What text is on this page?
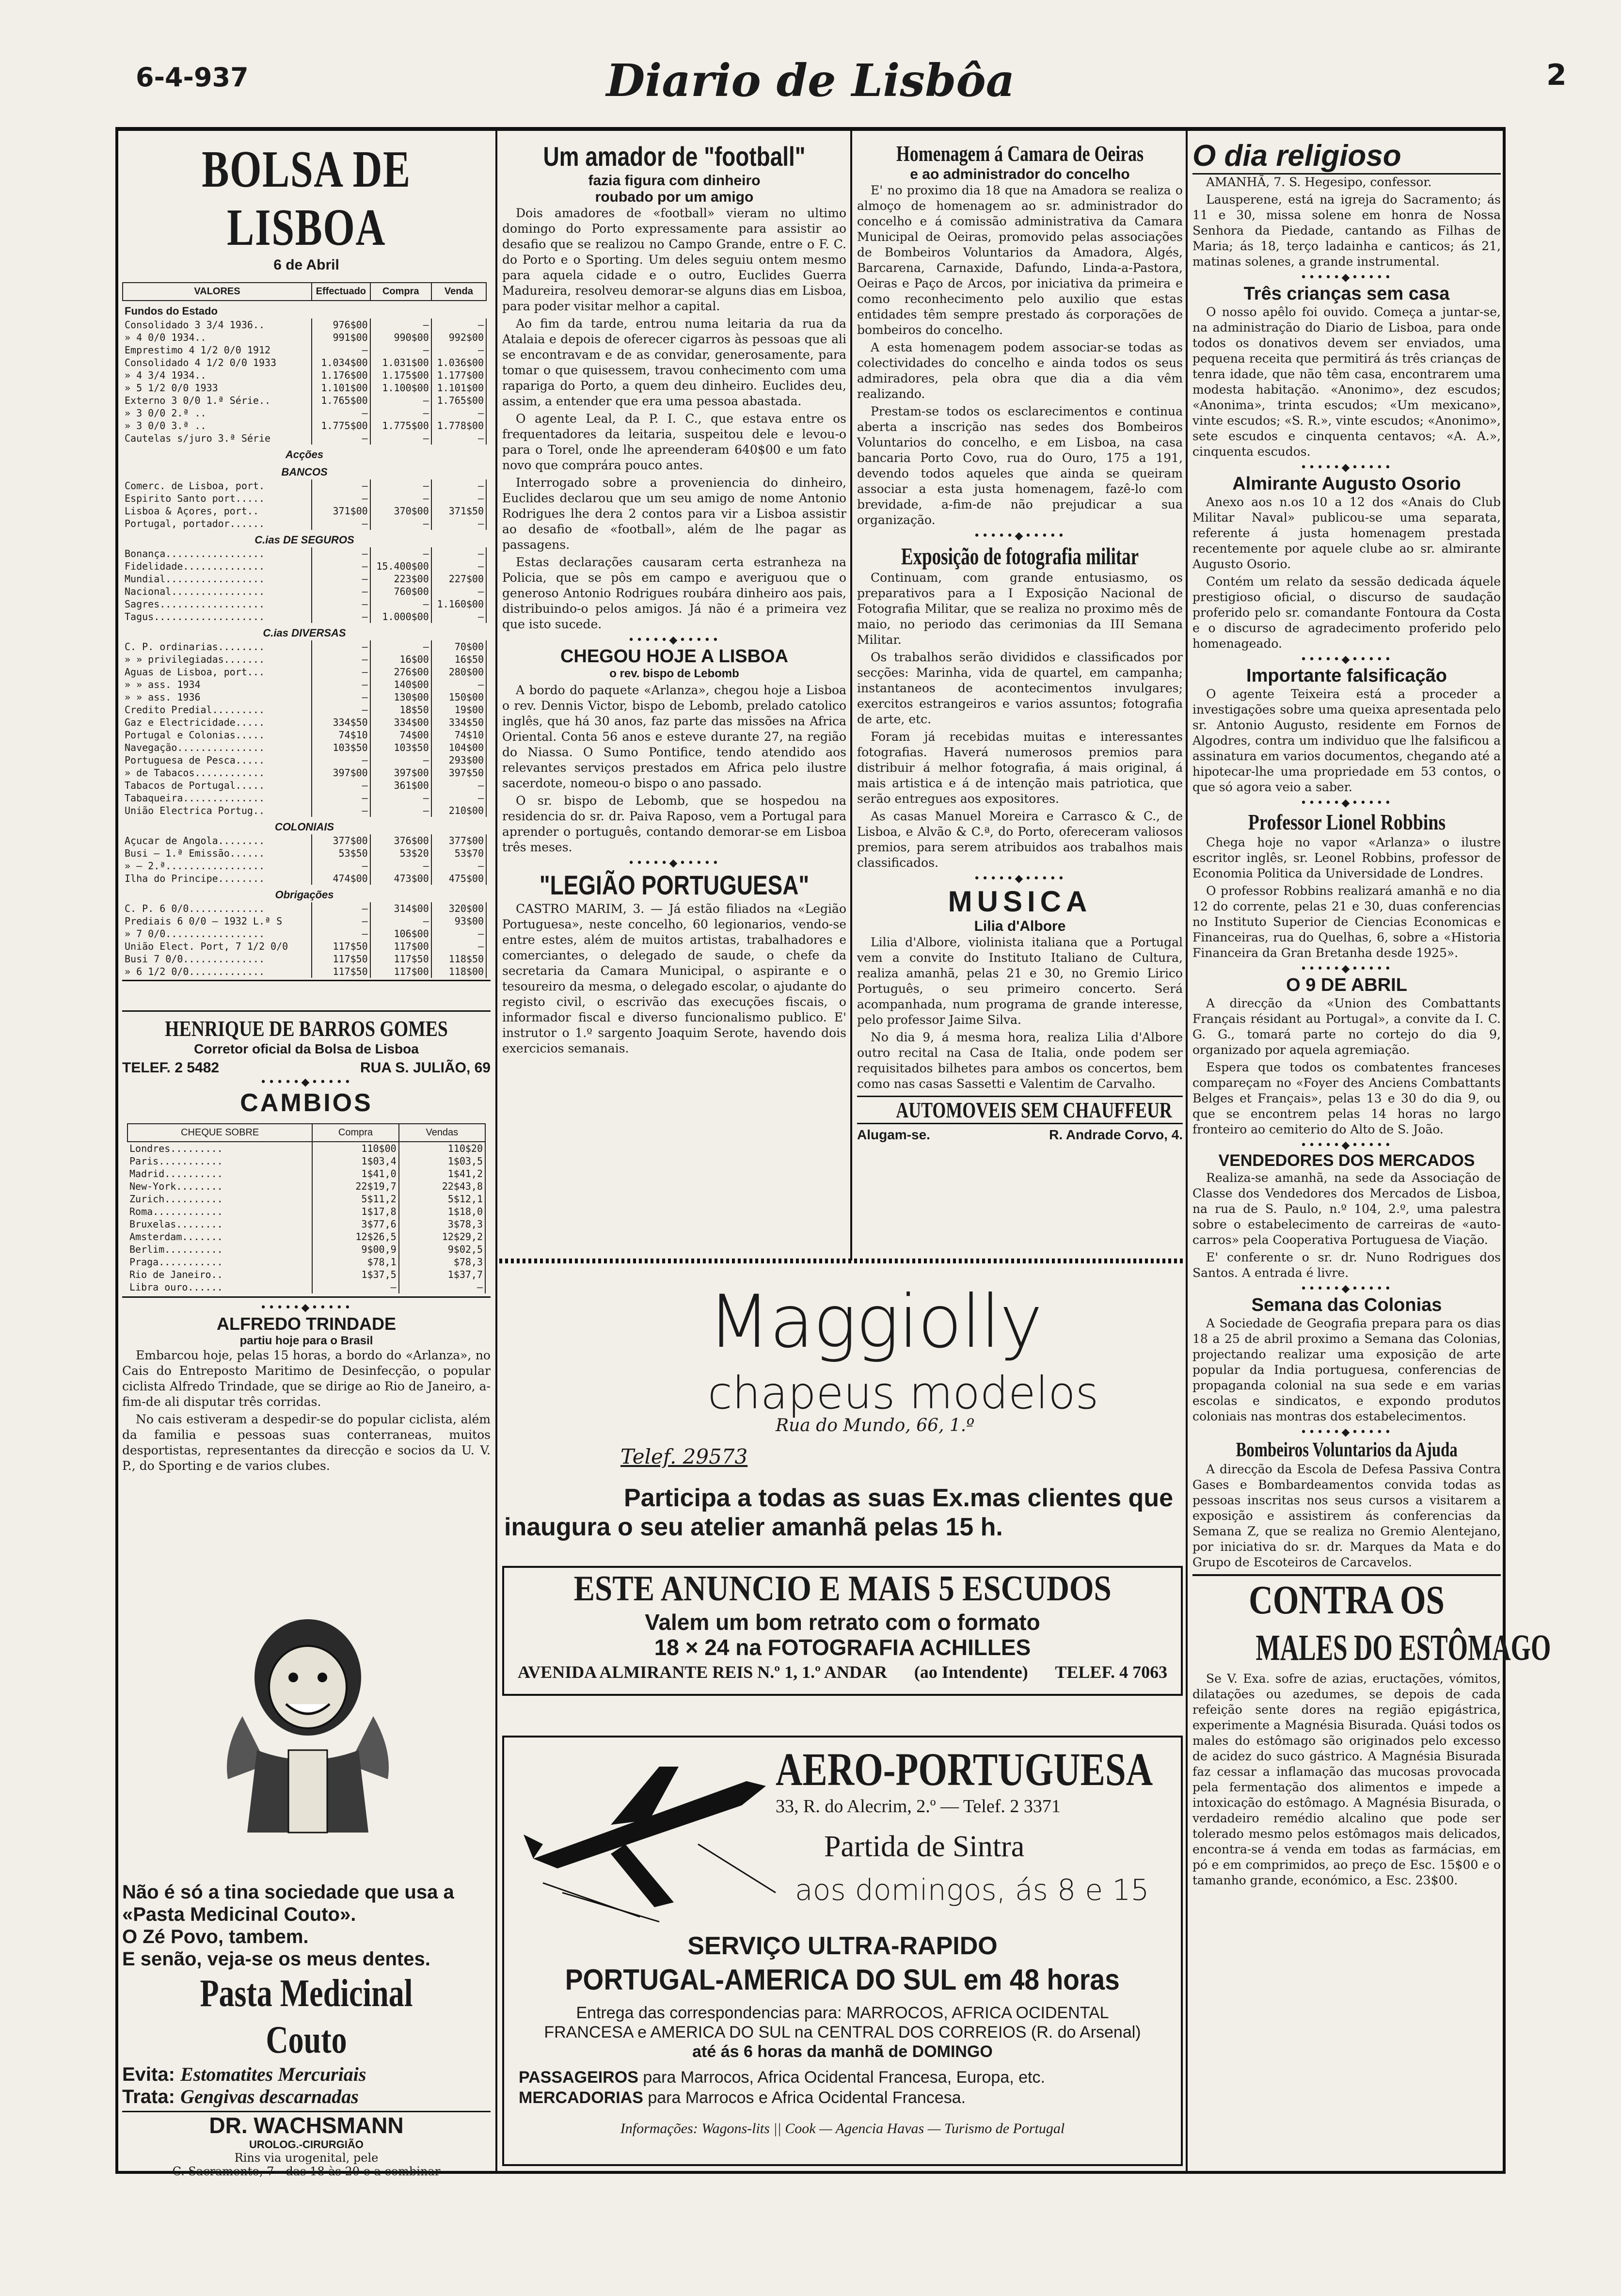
6-4-937	Diario de Lisbôa	2
BOLSA DE LISBOA
6 de Abril
VALORES	Effectuado	Compra	Venda
Fundos do Estado			
Consolidado 3 3/4 1936..	976$00	—	—
» 4 0/0 1934..	991$00	990$00	992$00
Emprestimo 4 1/2 0/0 1912	—	—	—
Consolidado 4 1/2 0/0 1933	1.034$00	1.031$00	1.036$00
» 4 3/4 1934..	1.176$00	1.175$00	1.177$00
» 5 1/2 0/0 1933	1.101$00	1.100$00	1.101$00
Externo 3 0/0 1.ª Série..	1.765$00	—	1.765$00
» 3 0/0 2.ª ..	—	—	—
» 3 0/0 3.ª ..	1.775$00	1.775$00	1.778$00
Cautelas s/juro 3.ª Série	—	—	—
Acções			
BANCOS			
Comerc. de Lisboa, port.	—	—	—
Espirito Santo port.....	—	—	—
Lisboa & Açores, port..	371$00	370$00	371$50
Portugal, portador......	—	—	—
C.ias DE SEGUROS			
Bonança.................	—	—	—
Fidelidade..............	—	15.400$00	—
Mundial.................	—	223$00	227$00
Nacional................	—	760$00	—
Sagres..................	—	—	1.160$00
Tagus...................	—	1.000$00	—
C.ias DIVERSAS			
C. P. ordinarias........	—	—	70$00
» » privilegiadas.......	—	16$00	16$50
Aguas de Lisboa, port...	—	276$00	280$00
» » ass. 1934	—	140$00	—
» » ass. 1936	—	130$00	150$00
Credito Predial.........	—	18$50	19$00
Gaz e Electricidade.....	334$50	334$00	334$50
Portugal e Colonias.....	74$10	74$00	74$10
Navegação...............	103$50	103$50	104$00
Portuguesa de Pesca.....	—	—	293$00
» de Tabacos............	397$00	397$00	397$50
Tabacos de Portugal.....	—	361$00	—
Tabaqueira..............	—	—	—
União Electrica Portug..	—	—	210$00
COLONIAIS			
Açucar de Angola........	377$00	376$00	377$00
Busi — 1.ª Emissão......	53$50	53$20	53$70
» — 2.ª.................	—	—	—
Ilha do Principe........	474$00	473$00	475$00
Obrigações			
C. P. 6 0/0.............	—	314$00	320$00
Prediais 6 0/0 — 1932 L.ª S	—	—	93$00
» 7 0/0.................	—	106$00	—
União Elect. Port, 7 1/2 0/0	117$50	117$00	—
Busi 7 0/0..............	117$50	117$50	118$50
» 6 1/2 0/0.............	117$50	117$00	118$00
HENRIQUE DE BARROS GOMES
Corretor oficial da Bolsa de Lisboa
TELEF. 2 5482	RUA S. JULIÃO, 69
•••••◆•••••
CAMBIOS
CHEQUE SOBRE	Compra	Vendas
Londres.........	110$00	110$20
Paris...........	1$03,4	1$03,5
Madrid..........	1$41,0	1$41,2
New-York........	22$19,7	22$43,8
Zurich..........	5$11,2	5$12,1
Roma............	1$17,8	1$18,0
Bruxelas........	3$77,6	3$78,3
Amsterdam.......	12$26,5	12$29,2
Berlim..........	9$00,9	9$02,5
Praga...........	$78,1	$78,3
Rio de Janeiro..	1$37,5	1$37,7
Libra ouro......	—	—
•••••◆•••••
ALFREDO TRINDADE
partiu hoje para o Brasil

Embarcou hoje, pelas 15 horas, a bordo do «Arlanza», no Cais do Entreposto Maritimo de Desinfecção, o popular ciclista Alfredo Trindade, que se dirige ao Rio de Janeiro, a-fim-de ali disputar três corridas.

No cais estiveram a despedir-se do popular ciclista, além da familia e pessoas suas conterraneas, muitos desportistas, representantes da direcção e socios da U. V. P., do Sporting e de varios clubes.

Não é só a tina sociedade que usa a «Pasta Medicinal Couto».
O Zé Povo, tambem.
E senão, veja-se os meus dentes.
Pasta Medicinal Couto
Evita: Estomatites Mercuriais
Trata: Gengivas descarnadas
DR. WACHSMANN
UROLOG.-CIRURGIÃO
Rins via urogenital, pele
C. Sacramento, 7—das 18 às 20 e a combinar
Um amador de "football"
fazia figura com dinheiro
roubado por um amigo

Dois amadores de «football» vieram no ultimo domingo do Porto expressamente para assistir ao desafio que se realizou no Campo Grande, entre o F. C. do Porto e o Sporting. Um deles seguiu ontem mesmo para aquela cidade e o outro, Euclides Guerra Madureira, resolveu demorar-se alguns dias em Lisboa, para poder visitar melhor a capital.

Ao fim da tarde, entrou numa leitaria da rua da Atalaia e depois de oferecer cigarros às pessoas que ali se encontravam e de as convidar, generosamente, para tomar o que quisessem, travou conhecimento com uma rapariga do Porto, a quem deu dinheiro. Euclides deu, assim, a entender que era uma pessoa abastada.

O agente Leal, da P. I. C., que estava entre os frequentadores da leitaria, suspeitou dele e levou-o para o Torel, onde lhe apreenderam 640$00 e um fato novo que comprára pouco antes.

Interrogado sobre a proveniencia do dinheiro, Euclides declarou que um seu amigo de nome Antonio Rodrigues lhe dera 2 contos para vir a Lisboa assistir ao desafio de «football», além de lhe pagar as passagens.

Estas declarações causaram certa estranheza na Policia, que se pôs em campo e averiguou que o generoso Antonio Rodrigues roubára dinheiro aos pais, distribuindo-o pelos amigos. Já não é a primeira vez que isto sucede.

•••••◆•••••
CHEGOU HOJE A LISBOA
o rev. bispo de Lebomb

A bordo do paquete «Arlanza», chegou hoje a Lisboa o rev. Dennis Victor, bispo de Lebomb, prelado catolico inglês, que há 30 anos, faz parte das missões na Africa Oriental. Conta 56 anos e esteve durante 27, na região do Niassa. O Sumo Pontifice, tendo atendido aos relevantes serviços prestados em Africa pelo ilustre sacerdote, nomeou-o bispo o ano passado.

O sr. bispo de Lebomb, que se hospedou na residencia do sr. dr. Paiva Raposo, vem a Portugal para aprender o português, contando demorar-se em Lisboa três meses.

•••••◆•••••
"LEGIÃO PORTUGUESA"

CASTRO MARIM, 3. — Já estão filiados na «Legião Portuguesa», neste concelho, 60 legionarios, vendo-se entre estes, além de muitos artistas, trabalhadores e comerciantes, o delegado de saude, o chefe da secretaria da Camara Municipal, o aspirante e o tesoureiro da mesma, o delegado escolar, o ajudante do registo civil, o escrivão das execuções fiscais, o informador fiscal e diverso funcionalismo publico. E' instrutor o 1.º sargento Joaquim Serote, havendo dois exercicios semanais.

Homenagem á Camara de Oeiras
e ao administrador do concelho

E' no proximo dia 18 que na Amadora se realiza o almoço de homenagem ao sr. administrador do concelho e á comissão administrativa da Camara Municipal de Oeiras, promovido pelas associações de Bombeiros Voluntarios da Amadora, Algés, Barcarena, Carnaxide, Dafundo, Linda-a-Pastora, Oeiras e Paço de Arcos, por iniciativa da primeira e como reconhecimento pelo auxilio que estas entidades têm sempre prestado ás corporações de bombeiros do concelho.

A esta homenagem podem associar-se todas as colectividades do concelho e ainda todos os seus admiradores, pela obra que dia a dia vêm realizando.

Prestam-se todos os esclarecimentos e continua aberta a inscrição nas sedes dos Bombeiros Voluntarios do concelho, e em Lisboa, na casa bancaria Porto Covo, rua do Ouro, 175 a 191, devendo todos aqueles que ainda se queiram associar a esta justa homenagem, fazê-lo com brevidade, a-fim-de não prejudicar a sua organização.

•••••◆•••••
Exposição de fotografia militar

Continuam, com grande entusiasmo, os preparativos para a I Exposição Nacional de Fotografia Militar, que se realiza no proximo mês de maio, no periodo das cerimonias da III Semana Militar.

Os trabalhos serão divididos e classificados por secções: Marinha, vida de quartel, em campanha; instantaneos de acontecimentos invulgares; exercitos estrangeiros e varios assuntos; fotografia de arte, etc.

Foram já recebidas muitas e interessantes fotografias. Haverá numerosos premios para distribuir á melhor fotografia, á mais original, á mais artistica e á de intenção mais patriotica, que serão entregues aos expositores.

As casas Manuel Moreira e Carrasco & C., de Lisboa, e Alvão & C.ª, do Porto, ofereceram valiosos premios, para serem atribuidos aos trabalhos mais classificados.

•••••◆•••••
MUSICA
Lilia d'Albore

Lilia d'Albore, violinista italiana que a Portugal vem a convite do Instituto Italiano de Cultura, realiza amanhã, pelas 21 e 30, no Gremio Lirico Português, o seu primeiro concerto. Será acompanhada, num programa de grande interesse, pelo professor Jaime Silva.

No dia 9, á mesma hora, realiza Lilia d'Albore outro recital na Casa de Italia, onde podem ser requisitados bilhetes para ambos os concertos, bem como nas casas Sassetti e Valentim de Carvalho.

AUTOMOVEIS SEM CHAUFFEUR
Alugam-se.	R. Andrade Corvo, 4.
Maggiolly
chapeus modelos
Rua do Mundo, 66, 1.º
Telef. 29573
Participa a todas as suas Ex.mas clientes que
inaugura o seu atelier amanhã pelas 15 h.
ESTE ANUNCIO E MAIS 5 ESCUDOS
Valem um bom retrato com o formato
18 × 24 na FOTOGRAFIA ACHILLES
AVENIDA ALMIRANTE REIS N.º 1, 1.º ANDAR (ao Intendente) TELEF. 4 7063
AERO-PORTUGUESA
33, R. do Alecrim, 2.º — Telef. 2 3371
Partida de Sintra
aos domingos, ás 8 e 15
SERVIÇO ULTRA-RAPIDO
PORTUGAL-AMERICA DO SUL em 48 horas
Entrega das correspondencias para: MARROCOS, AFRICA OCIDENTAL
FRANCESA e AMERICA DO SUL na CENTRAL DOS CORREIOS (R. do Arsenal)
até ás 6 horas da manhã de DOMINGO
PASSAGEIROS para Marrocos, Africa Ocidental Francesa, Europa, etc.
MERCADORIAS para Marrocos e Africa Ocidental Francesa.
Informações: Wagons-lits || Cook — Agencia Havas — Turismo de Portugal
O dia religioso

AMANHÃ, 7. S. Hegesipo, confessor.

Lausperene, está na igreja do Sacramento; ás 11 e 30, missa solene em honra de Nossa Senhora da Piedade, cantando as Filhas de Maria; ás 18, terço ladainha e canticos; ás 21, matinas solenes, a grande instrumental.

•••••◆•••••
Três crianças sem casa

O nosso apêlo foi ouvido. Começa a juntar-se, na administração do Diario de Lisboa, para onde todos os donativos devem ser enviados, uma pequena receita que permitirá ás três crianças de tenra idade, que não têm casa, encontrarem uma modesta habitação. «Anonimo», dez escudos; «Anonima», trinta escudos; «Um mexicano», vinte escudos; «S. R.», vinte escudos; «Anonimo», sete escudos e cinquenta centavos; «A. A.», cinquenta escudos.

•••••◆•••••
Almirante Augusto Osorio

Anexo aos n.os 10 a 12 dos «Anais do Club Militar Naval» publicou-se uma separata, referente á justa homenagem prestada recentemente por aquele clube ao sr. almirante Augusto Osorio.

Contém um relato da sessão dedicada áquele prestigioso oficial, o discurso de saudação proferido pelo sr. comandante Fontoura da Costa e o discurso de agradecimento proferido pelo homenageado.

•••••◆•••••
Importante falsificação

O agente Teixeira está a proceder a investigações sobre uma queixa apresentada pelo sr. Antonio Augusto, residente em Fornos de Algodres, contra um individuo que lhe falsificou a assinatura em varios documentos, chegando até a hipotecar-lhe uma propriedade em 53 contos, o que só agora veio a saber.

•••••◆•••••
Professor Lionel Robbins

Chega hoje no vapor «Arlanza» o ilustre escritor inglês, sr. Leonel Robbins, professor de Economia Politica da Universidade de Londres.

O professor Robbins realizará amanhã e no dia 12 do corrente, pelas 21 e 30, duas conferencias no Instituto Superior de Ciencias Economicas e Financeiras, rua do Quelhas, 6, sobre a «Historia Financeira da Gran Bretanha desde 1925».

•••••◆•••••
O 9 DE ABRIL

A direcção da «Union des Combattants Français résidant au Portugal», a convite da I. C. G. G., tomará parte no cortejo do dia 9, organizado por aquela agremiação.

Espera que todos os combatentes franceses compareçam no «Foyer des Anciens Combattants Belges et Français», pelas 13 e 30 do dia 9, ou que se encontrem pelas 14 horas no largo fronteiro ao cemiterio do Alto de S. João.

•••••◆•••••
VENDEDORES DOS MERCADOS

Realiza-se amanhã, na sede da Associação de Classe dos Vendedores dos Mercados de Lisboa, na rua de S. Paulo, n.º 104, 2.º, uma palestra sobre o estabelecimento de carreiras de «auto-carros» pela Cooperativa Portuguesa de Viação.

E' conferente o sr. dr. Nuno Rodrigues dos Santos. A entrada é livre.

•••••◆•••••
Semana das Colonias

A Sociedade de Geografia prepara para os dias 18 a 25 de abril proximo a Semana das Colonias, projectando realizar uma exposição de arte popular da India portuguesa, conferencias de propaganda colonial na sua sede e em varias escolas e sindicatos, e expondo produtos coloniais nas montras dos estabelecimentos.

•••••◆•••••
Bombeiros Voluntarios da Ajuda

A direcção da Escola de Defesa Passiva Contra Gases e Bombardeamentos convida todas as pessoas inscritas nos seus cursos a visitarem a exposição e assistirem ás conferencias da Semana Z, que se realiza no Gremio Alentejano, por iniciativa do sr. dr. Marques da Mata e do Grupo de Escoteiros de Carcavelos.

CONTRA OS
MALES DO ESTÔMAGO

Se V. Exa. sofre de azias, eructações, vómitos, dilatações ou azedumes, se depois de cada refeição sente dores na região epigástrica, experimente a Magnésia Bisurada. Quási todos os males do estômago são originados pelo excesso de acidez do suco gástrico. A Magnésia Bisurada faz cessar a inflamação das mucosas provocada pela fermentação dos alimentos e impede a intoxicação do estômago. A Magnésia Bisurada, o verdadeiro remédio alcalino que pode ser tolerado mesmo pelos estômagos mais delicados, encontra-se á venda em todas as farmácias, em pó e em comprimidos, ao preço de Esc. 15$00 e o tamanho grande, económico, a Esc. 23$00.
